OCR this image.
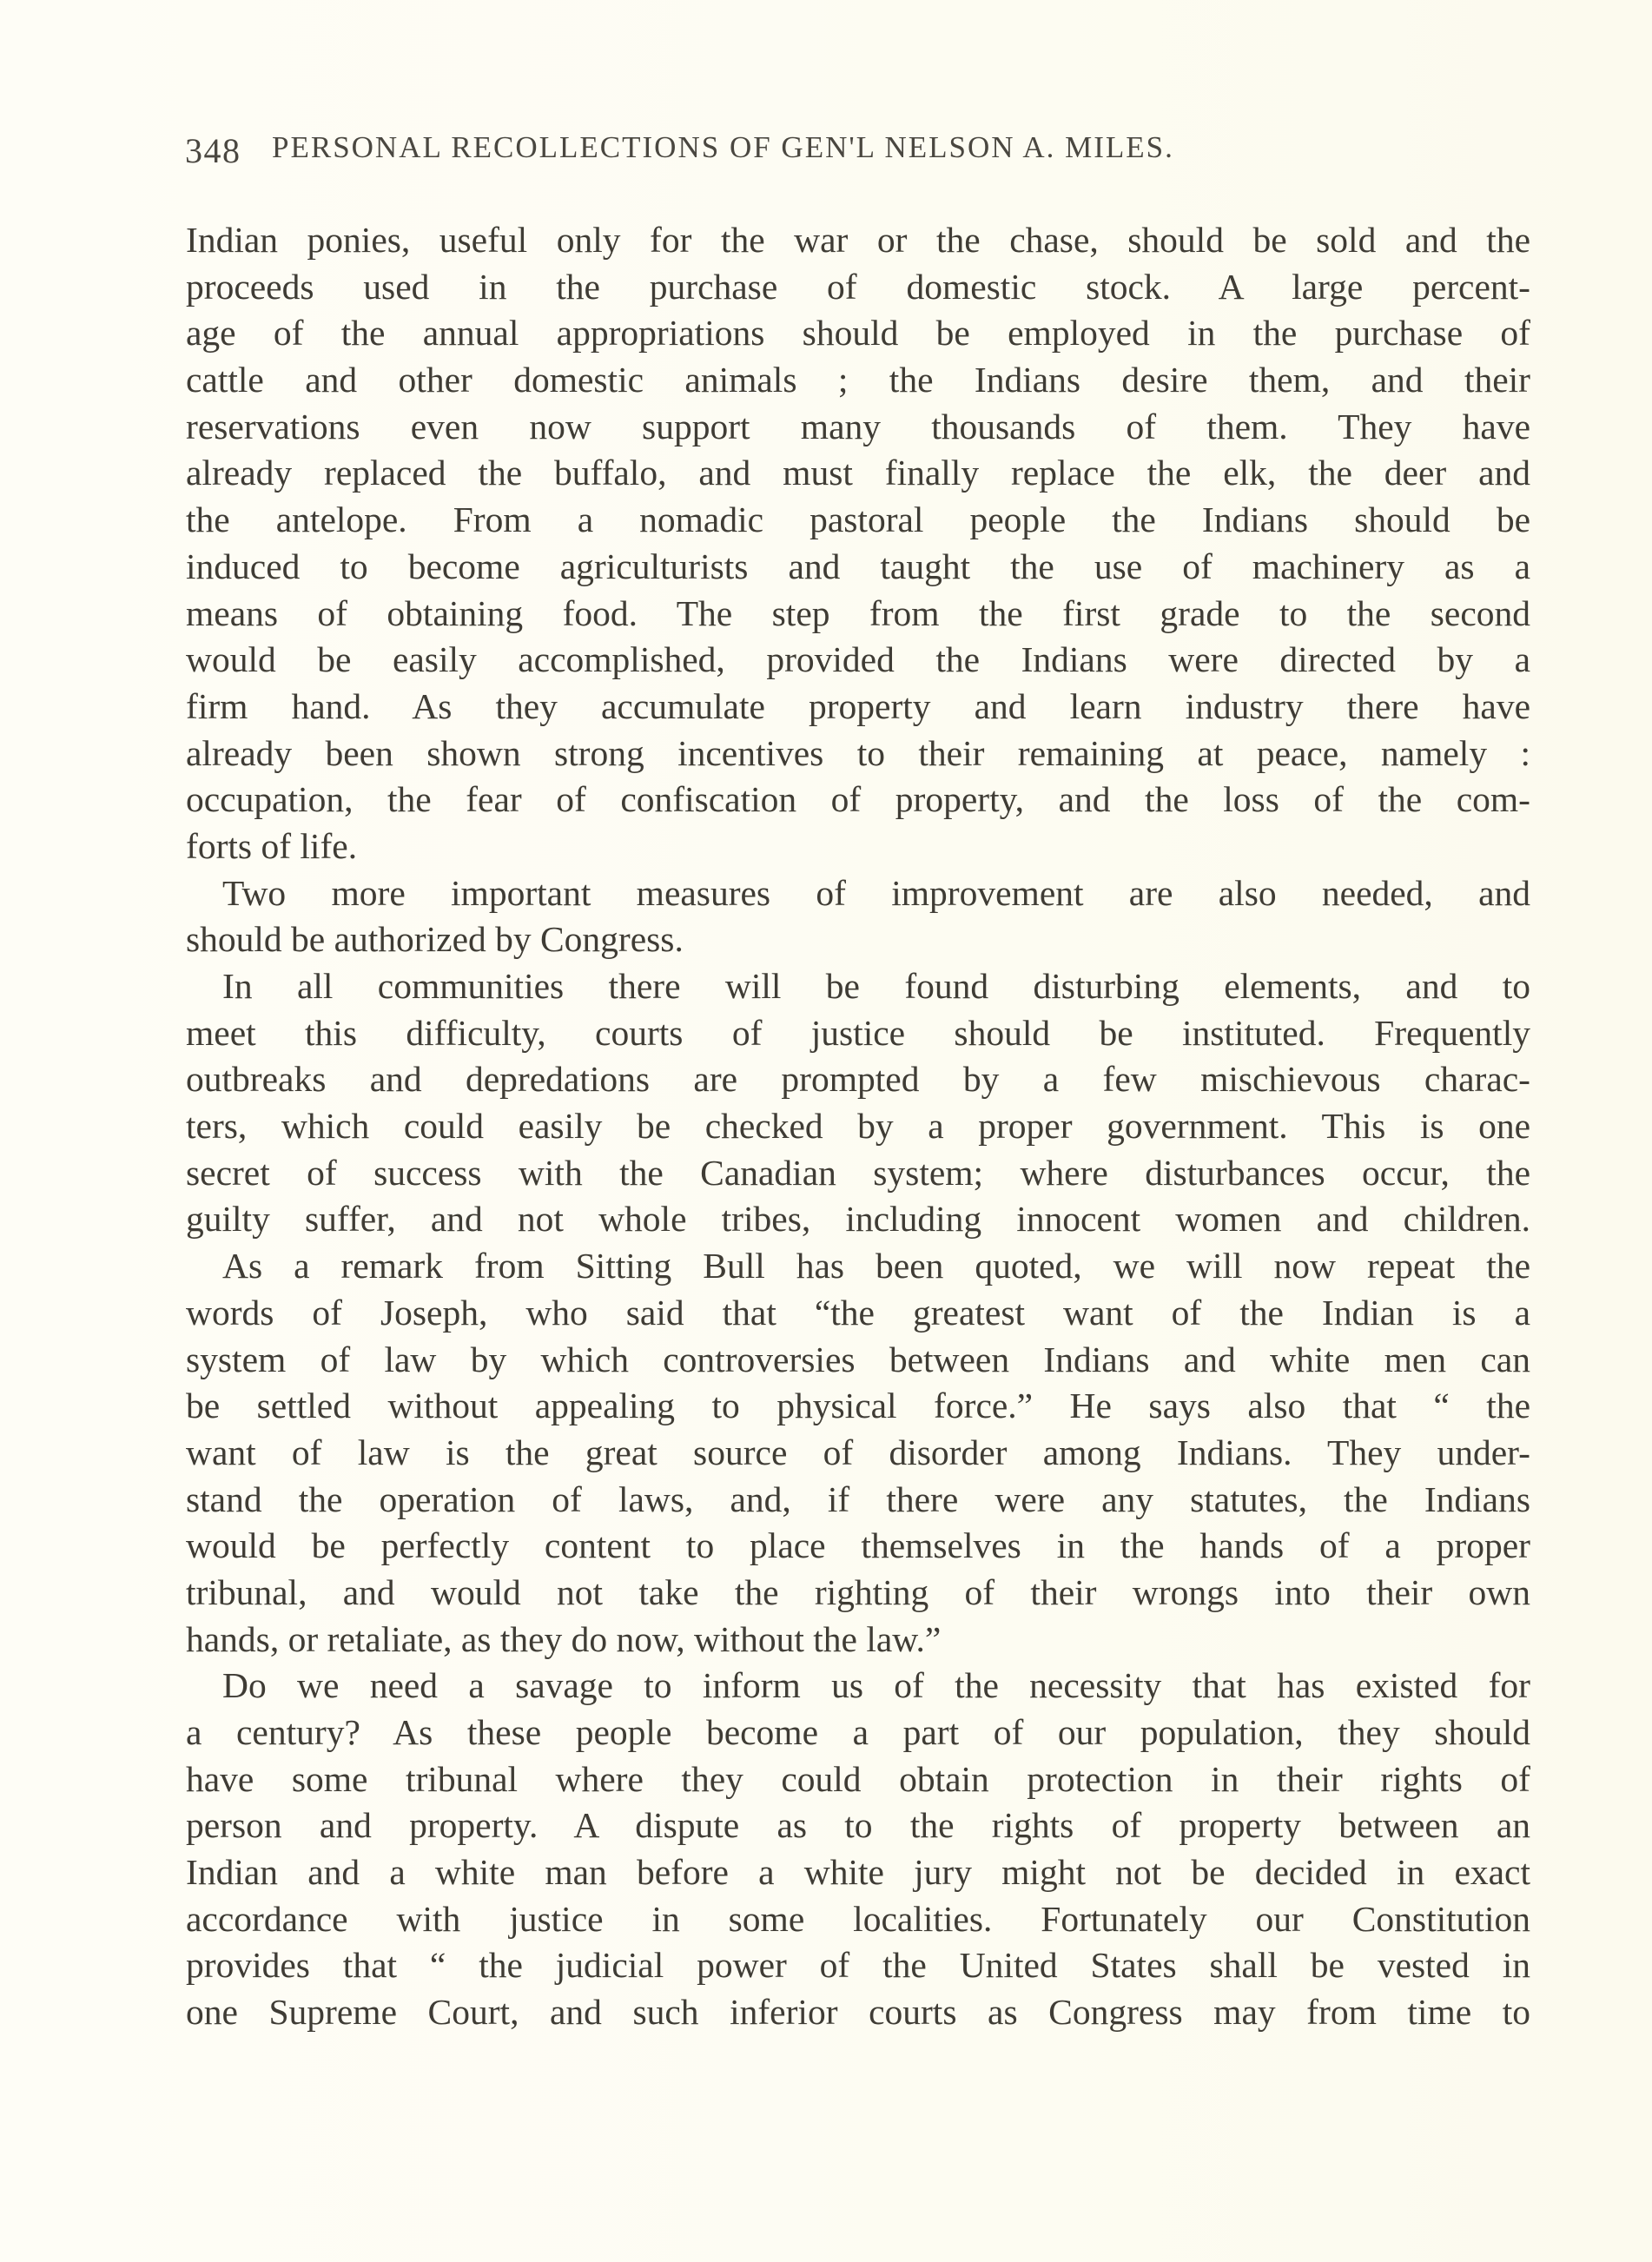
348 PERSONAL RECOLLECTIONS OF GEN'L NELSON A. MILES.
Indian ponies, useful only for the war or the chase, should be sold and the
proceeds used in the purchase of domestic stock. A large percent-
age of the annual appropriations should be employed in the purchase of
cattle and other domestic animals ; the Indians desire them, and their
reservations even now support many thousands of them. They have
already replaced the buffalo, and must finally replace the elk, the deer and
the antelope. From a nomadic pastoral people the Indians should be
induced to become agriculturists and taught the use of machinery as a
means of obtaining food. The step from the first grade to the second
would be easily accomplished, provided the Indians were directed by a
firm hand. As they accumulate property and learn industry there have
already been shown strong incentives to their remaining at peace, namely :
occupation, the fear of confiscation of property, and the loss of the com-
forts of life.
Two more important measures of improvement are also needed, and
should be authorized by Congress.
In all communities there will be found disturbing elements, and to
meet this difficulty, courts of justice should be instituted. Frequently
outbreaks and depredations are prompted by a few mischievous charac-
ters, which could easily be checked by a proper government. This is one
secret of success with the Canadian system; where disturbances occur, the
guilty suffer, and not whole tribes, including innocent women and children.
As a remark from Sitting Bull has been quoted, we will now repeat the
words of Joseph, who said that “the greatest want of the Indian is a
system of law by which controversies between Indians and white men can
be settled without appealing to physical force.” He says also that “ the
want of law is the great source of disorder among Indians. They under-
stand the operation of laws, and, if there were any statutes, the Indians
would be perfectly content to place themselves in the hands of a proper
tribunal, and would not take the righting of their wrongs into their own
hands, or retaliate, as they do now, without the law.”
Do we need a savage to inform us of the necessity that has existed for
a century? As these people become a part of our population, they should
have some tribunal where they could obtain protection in their rights of
person and property. A dispute as to the rights of property between an
Indian and a white man before a white jury might not be decided in exact
accordance with justice in some localities. Fortunately our Constitution
provides that “ the judicial power of the United States shall be vested in
one Supreme Court, and such inferior courts as Congress may from time to
